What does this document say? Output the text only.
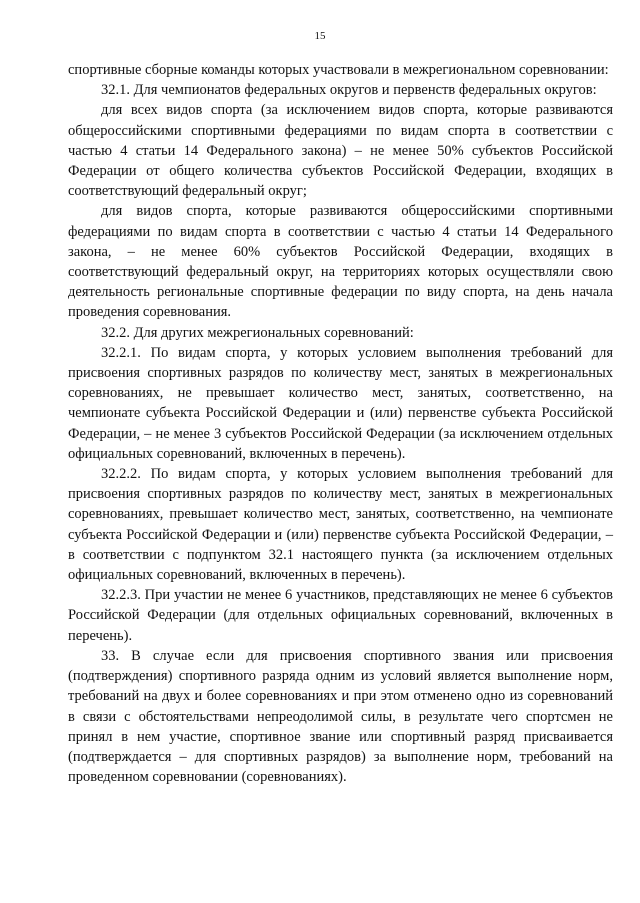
15

спортивные сборные команды которых участвовали в межрегиональном соревновании:

32.1. Для чемпионатов федеральных округов и первенств федеральных округов:

для всех видов спорта (за исключением видов спорта, которые развиваются общероссийскими спортивными федерациями по видам спорта в соответствии с частью 4 статьи 14 Федерального закона) – не менее 50% субъектов Российской Федерации от общего количества субъектов Российской Федерации, входящих в соответствующий федеральный округ;

для видов спорта, которые развиваются общероссийскими спортивными федерациями по видам спорта в соответствии с частью 4 статьи 14 Федерального закона, – не менее 60% субъектов Российской Федерации, входящих в соответствующий федеральный округ, на территориях которых осуществляли свою деятельность региональные спортивные федерации по виду спорта, на день начала проведения соревнования.

32.2. Для других межрегиональных соревнований:

32.2.1. По видам спорта, у которых условием выполнения требований для присвоения спортивных разрядов по количеству мест, занятых в межрегиональных соревнованиях, не превышает количество мест, занятых, соответственно, на чемпионате субъекта Российской Федерации и (или) первенстве субъекта Российской Федерации, – не менее 3 субъектов Российской Федерации (за исключением отдельных официальных соревнований, включенных в перечень).

32.2.2. По видам спорта, у которых условием выполнения требований для присвоения спортивных разрядов по количеству мест, занятых в межрегиональных соревнованиях, превышает количество мест, занятых, соответственно, на чемпионате субъекта Российской Федерации и (или) первенстве субъекта Российской Федерации, – в соответствии с подпунктом 32.1 настоящего пункта (за исключением отдельных официальных соревнований, включенных в перечень).

32.2.3. При участии не менее 6 участников, представляющих не менее 6 субъектов Российской Федерации (для отдельных официальных соревнований, включенных в перечень).

33. В случае если для присвоения спортивного звания или присвоения (подтверждения) спортивного разряда одним из условий является выполнение норм, требований на двух и более соревнованиях и при этом отменено одно из соревнований в связи с обстоятельствами непреодолимой силы, в результате чего спортсмен не принял в нем участие, спортивное звание или спортивный разряд присваивается (подтверждается – для спортивных разрядов) за выполнение норм, требований на проведенном соревновании (соревнованиях).
